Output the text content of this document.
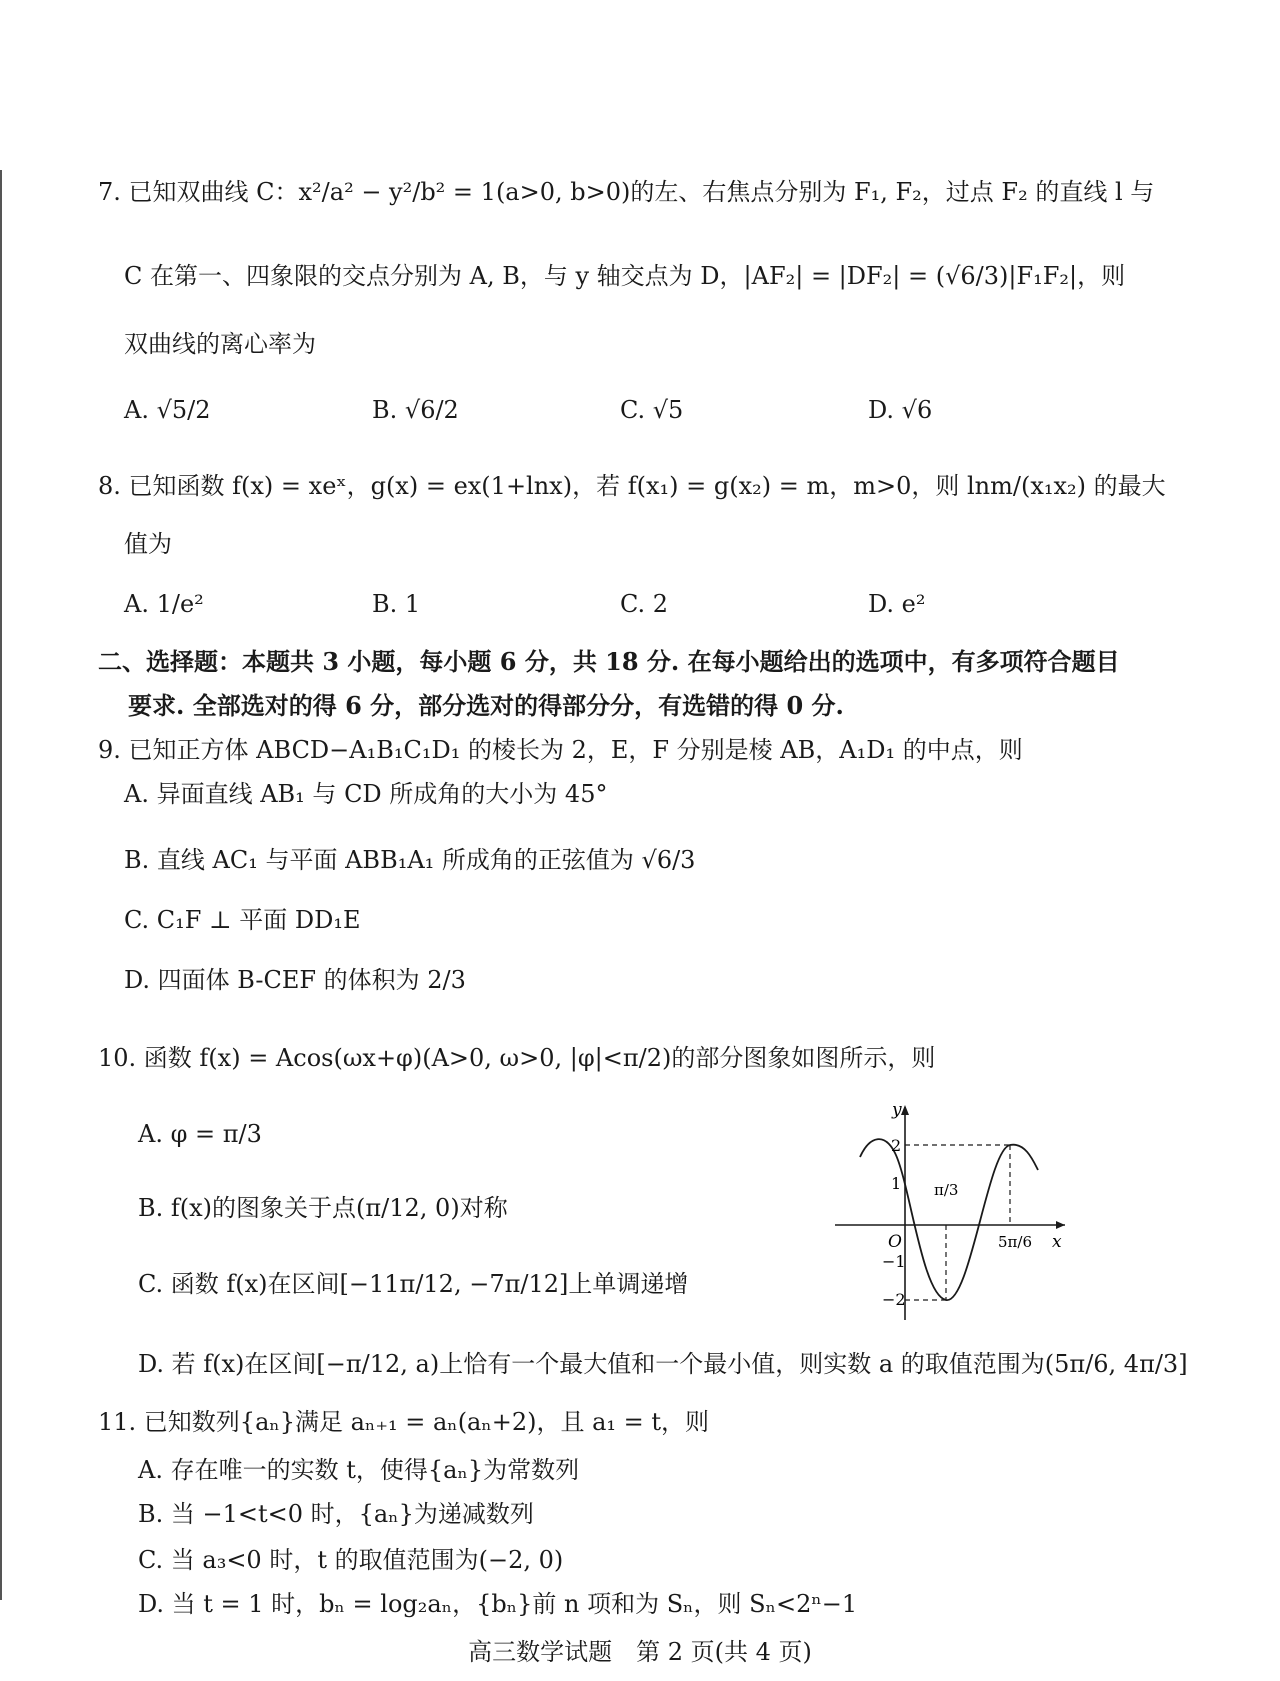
7. 已知双曲线 C：x²/a² − y²/b² = 1(a>0, b>0)的左、右焦点分别为 F₁, F₂，过点 F₂ 的直线 l 与
C 在第一、四象限的交点分别为 A, B，与 y 轴交点为 D，|AF₂| = |DF₂| = (√6/3)|F₁F₂|，则
双曲线的离心率为
A. √5/2	B. √6/2	C. √5	D. √6
8. 已知函数 f(x) = xeˣ，g(x) = ex(1+lnx)，若 f(x₁) = g(x₂) = m，m>0，则 lnm/(x₁x₂) 的最大
值为
A. 1/e²	B. 1	C. 2	D. e²
二、选择题：本题共 3 小题，每小题 6 分，共 18 分. 在每小题给出的选项中，有多项符合题目
要求. 全部选对的得 6 分，部分选对的得部分分，有选错的得 0 分.
9. 已知正方体 ABCD−A₁B₁C₁D₁ 的棱长为 2，E，F 分别是棱 AB，A₁D₁ 的中点，则
A. 异面直线 AB₁ 与 CD 所成角的大小为 45°
B. 直线 AC₁ 与平面 ABB₁A₁ 所成角的正弦值为 √6/3
C. C₁F ⊥ 平面 DD₁E
D. 四面体 B-CEF 的体积为 2/3
10. 函数 f(x) = Acos(ωx+φ)(A>0, ω>0, |φ|<π/2)的部分图象如图所示，则
A. φ = π/3
B. f(x)的图象关于点(π/12, 0)对称
C. 函数 f(x)在区间[−11π/12, −7π/12]上单调递增
D. 若 f(x)在区间[−π/12, a)上恰有一个最大值和一个最小值，则实数 a 的取值范围为(5π/6, 4π/3]
y
x
O
2
1
−1
−2
π/3
5π/6
11. 已知数列{aₙ}满足 aₙ₊₁ = aₙ(aₙ+2)，且 a₁ = t，则
A. 存在唯一的实数 t，使得{aₙ}为常数列
B. 当 −1<t<0 时，{aₙ}为递减数列
C. 当 a₃<0 时，t 的取值范围为(−2, 0)
D. 当 t = 1 时，bₙ = log₂aₙ，{bₙ}前 n 项和为 Sₙ，则 Sₙ<2ⁿ−1
高三数学试题　第 2 页(共 4 页)
